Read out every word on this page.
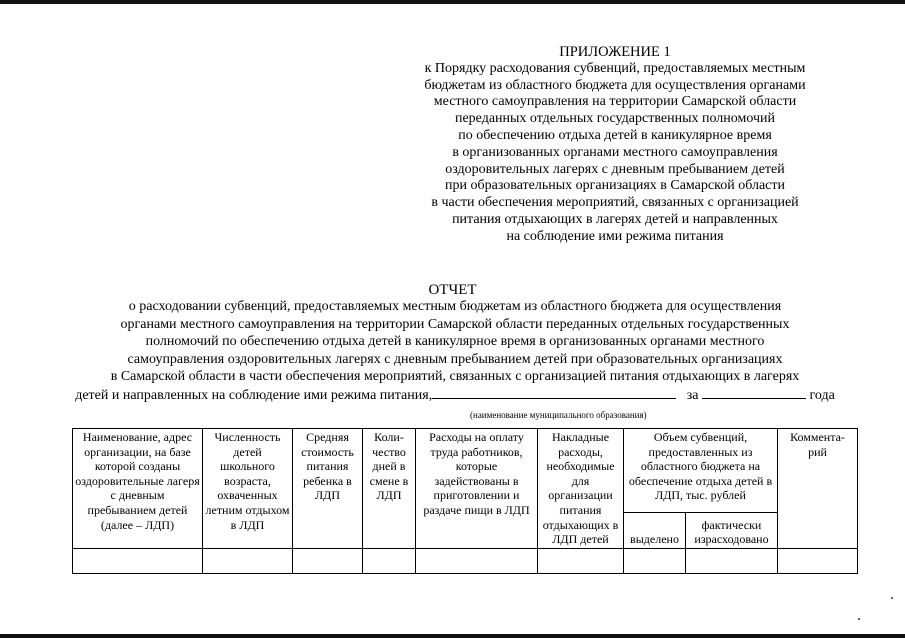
ПРИЛОЖЕНИЕ 1
к Порядку расходования субвенций, предоставляемых местным
бюджетам из областного бюджета для осуществления органами
местного самоуправления на территории Самарской области
переданных отдельных государственных полномочий
по обеспечению отдыха детей в каникулярное время
в организованных органами местного самоуправления
оздоровительных лагерях с дневным пребыванием детей
при образовательных организациях в Самарской области
в части обеспечения мероприятий, связанных с организацией
питания отдыхающих в лагерях детей и направленных
на соблюдение ими режима питания
ОТЧЕТ
о расходовании субвенций, предоставляемых местным бюджетам из областного бюджета для осуществления
органами местного самоуправления на территории Самарской области переданных отдельных государственных
полномочий по обеспечению отдыха детей в каникулярное время в организованных органами местного
самоуправления оздоровительных лагерях с дневным пребыванием детей при образовательных организациях
в Самарской области в части обеспечения мероприятий, связанных с организацией питания отдыхающих в лагерях
детей и направленных на соблюдение ими режима питания,	за	года
(наименование муниципального образования)
Наименование, адрес организации, на базе которой созданы оздоровительные лагеря с дневным пребыванием детей (далее – ЛДП)	Численность детей школьного возраста, охваченных летним отдыхом в ЛДП	Средняя стоимость питания ребенка в ЛДП	Коли- чество дней в смене в ЛДП	Расходы на оплату труда работников, которые задействованы в приготовлении и раздаче пищи в ЛДП	Накладные расходы, необходимые для организации питания отдыхающих в ЛДП детей	Объем субвенций, предоставленных из областного бюджета на обеспечение отдыха детей в ЛДП, тыс. рублей		Коммента- рий
						выделено	фактически израсходовано	
